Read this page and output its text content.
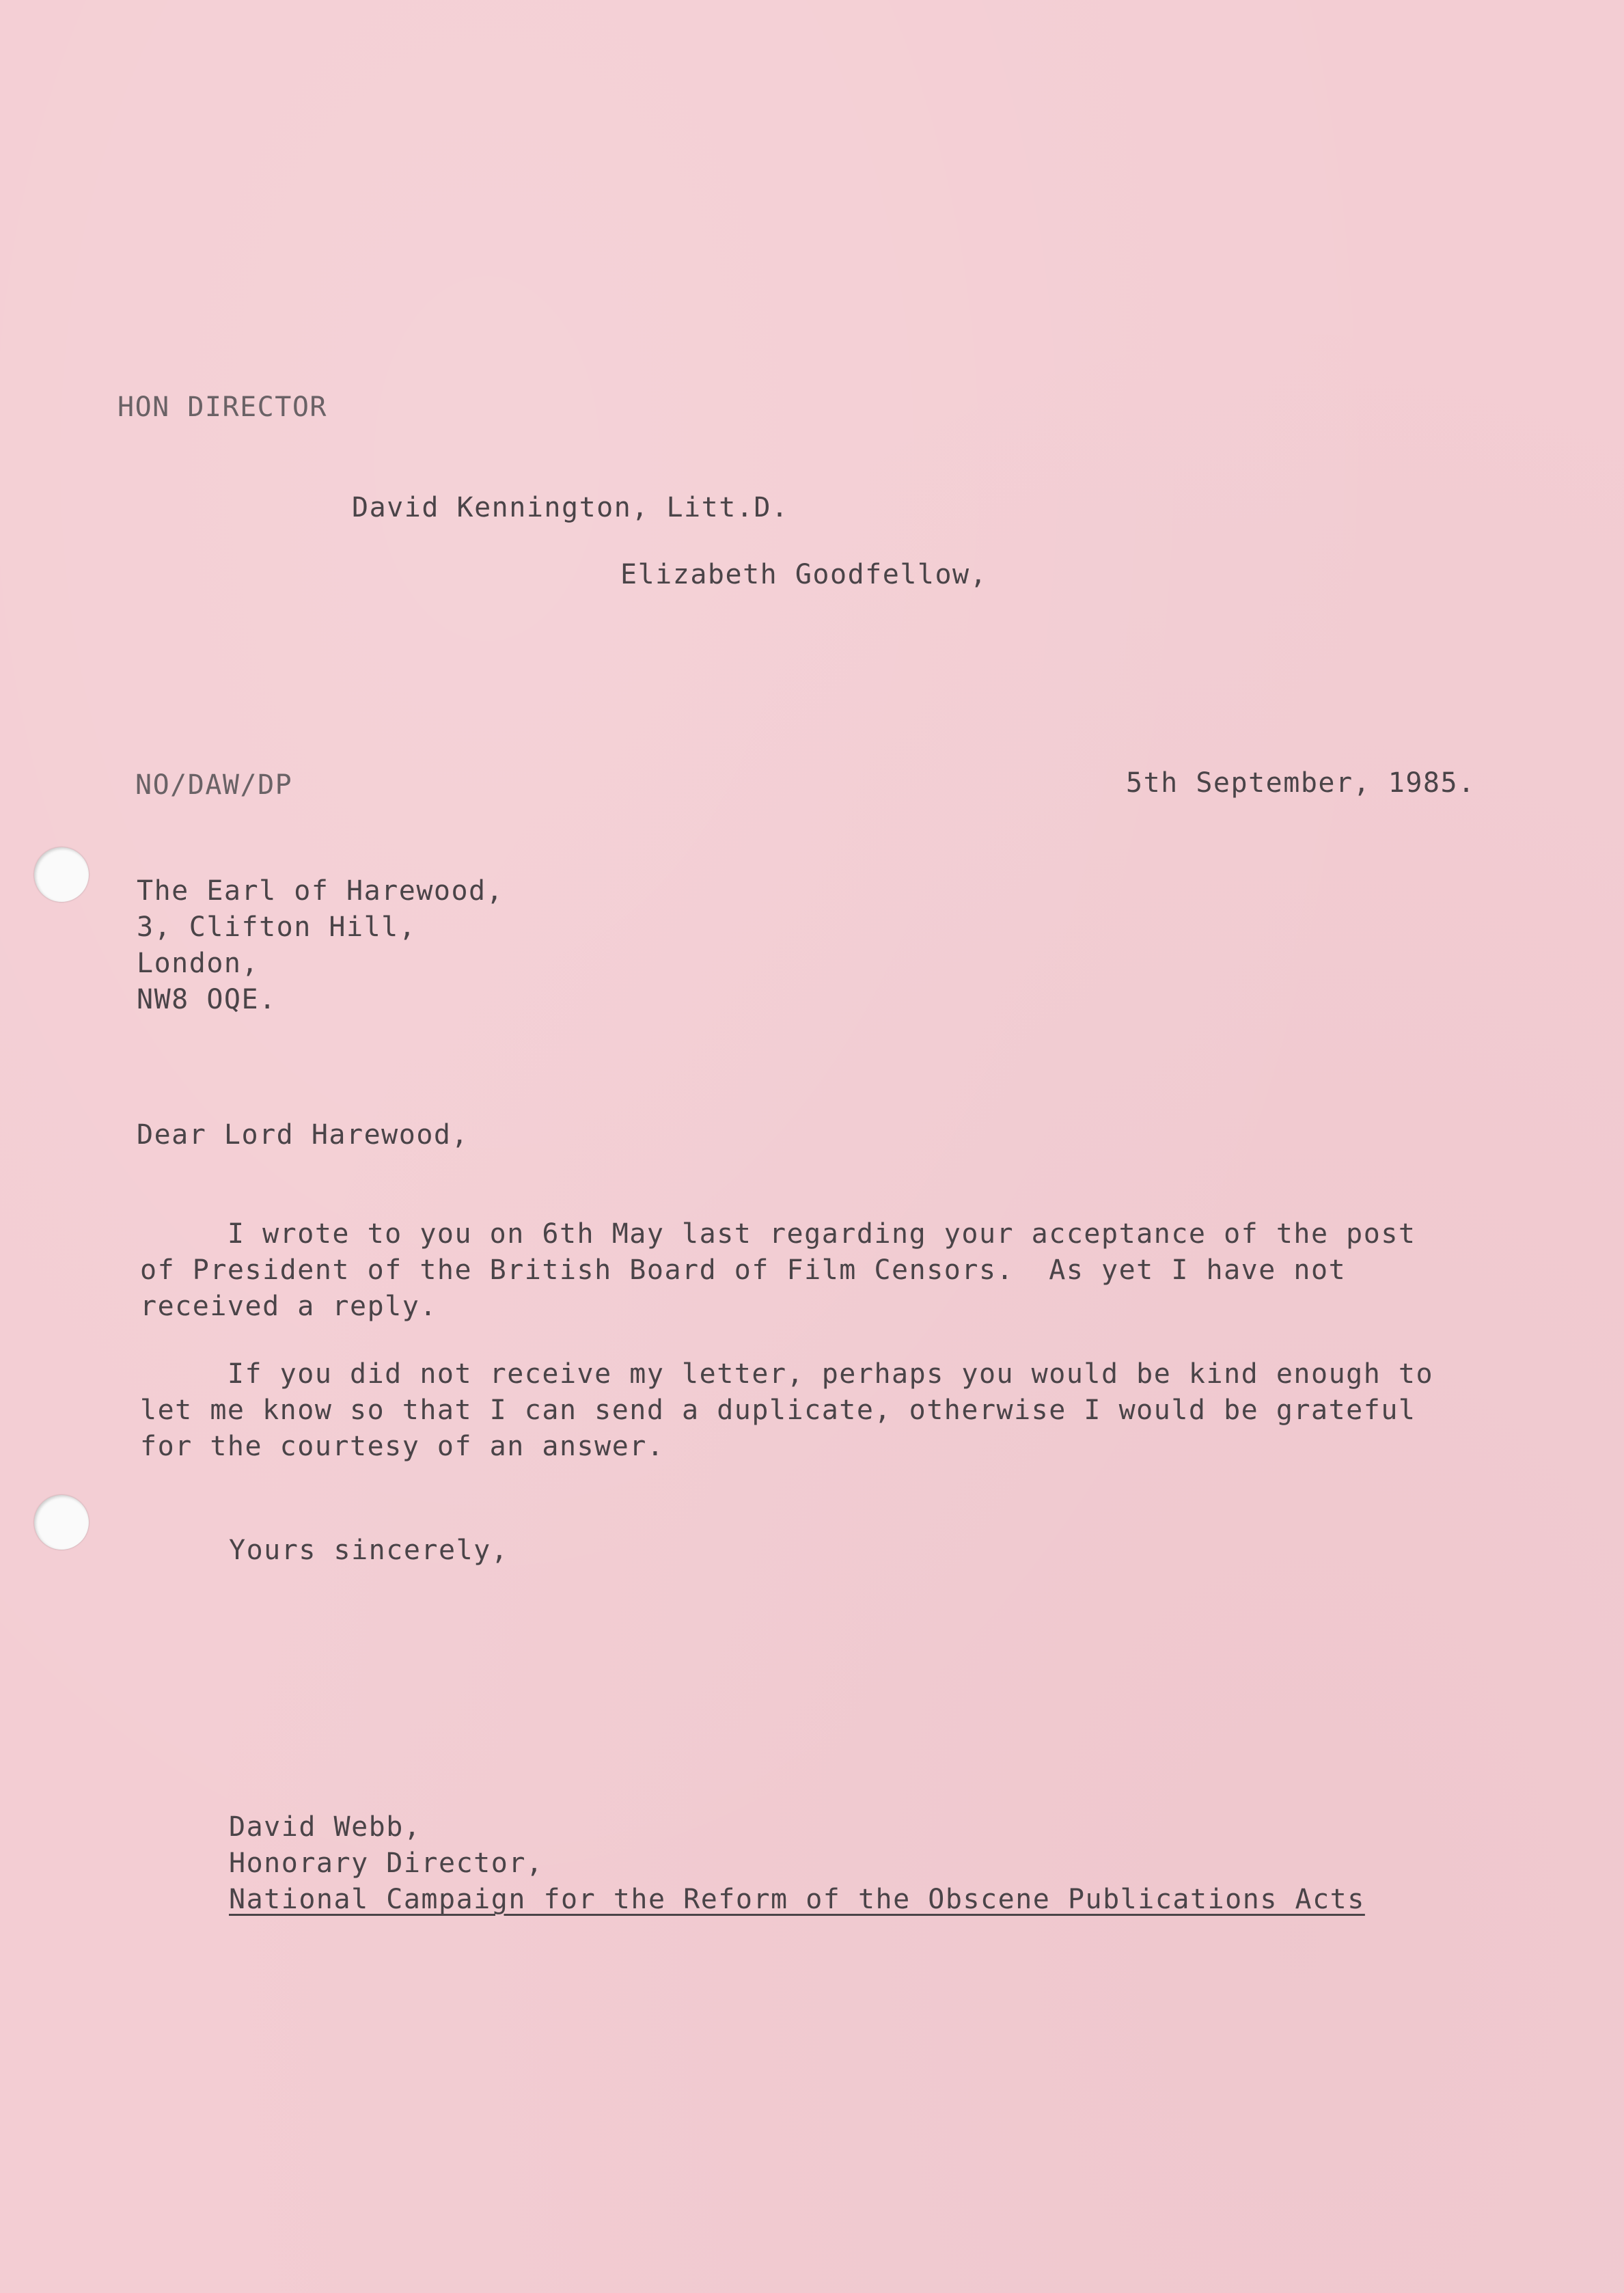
HON DIRECTOR
David Kennington, Litt.D.
Elizabeth Goodfellow,
NO/DAW/DP	5th September, 1985.
The Earl of Harewood,
3, Clifton Hill,
London,
NW8 OQE.
Dear Lord Harewood,
I wrote to you on 6th May last regarding your acceptance of the post
of President of the British Board of Film Censors.  As yet I have not
received a reply.
If you did not receive my letter, perhaps you would be kind enough to
let me know so that I can send a duplicate, otherwise I would be grateful
for the courtesy of an answer.
Yours sincerely,
David Webb,
Honorary Director,
National Campaign for the Reform of the Obscene Publications Acts
